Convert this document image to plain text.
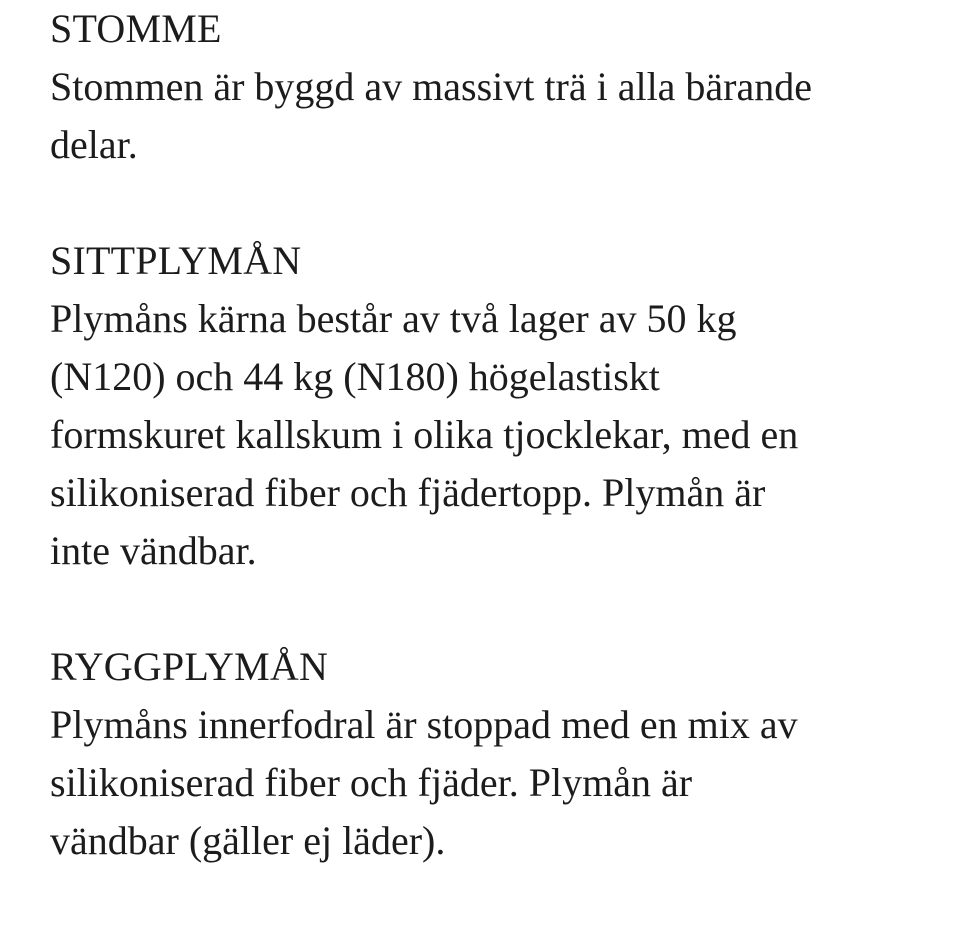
STOMME

Stommen är byggd av massivt trä i alla bärande
delar.

SITTPLYMÅN

Plymåns kärna består av två lager av 50 kg
(N120) och 44 kg (N180) högelastiskt
formskuret kallskum i olika tjocklekar, med en
silikoniserad fiber och fjädertopp. Plymån är
inte vändbar.

RYGGPLYMÅN

Plymåns innerfodral är stoppad med en mix av
silikoniserad fiber och fjäder. Plymån är
vändbar (gäller ej läder).
